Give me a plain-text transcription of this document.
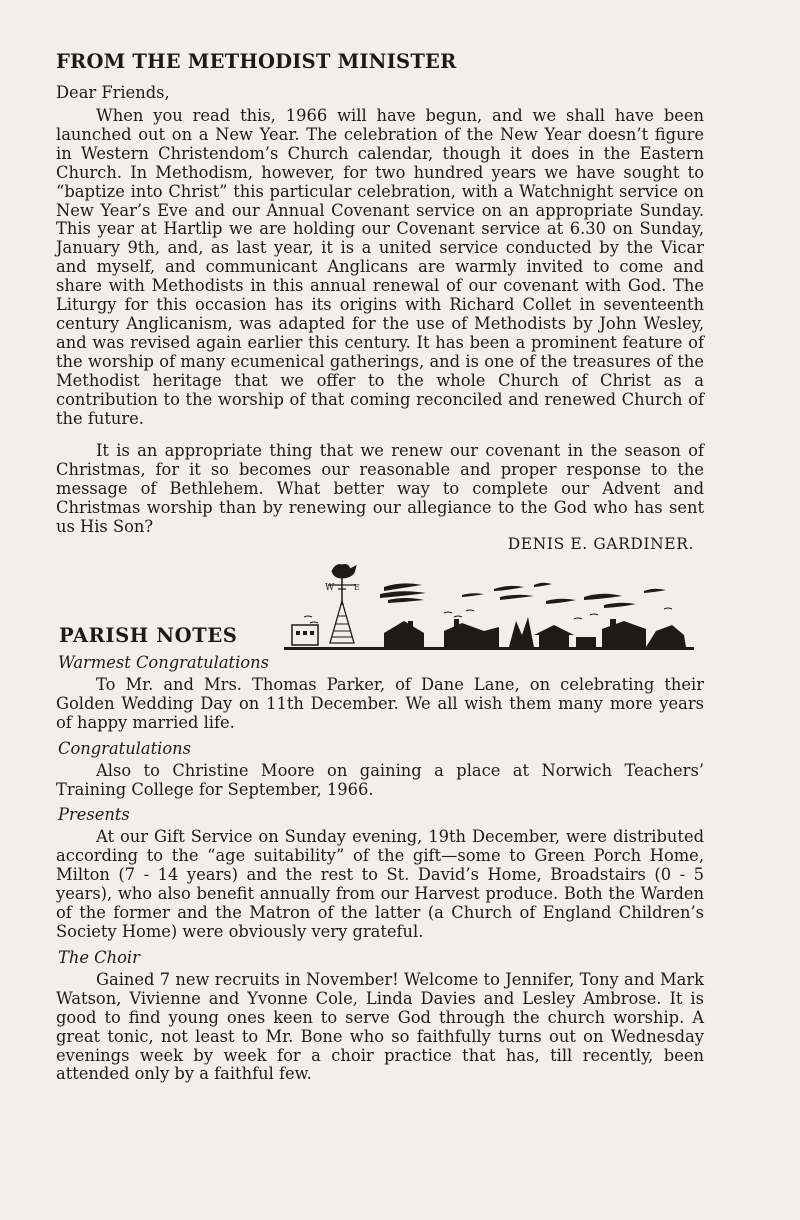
FROM THE METHODIST MINISTER
Dear Friends,

When you read this, 1966 will have begun, and we shall have been launched out on a New Year. The celebration of the New Year doesn’t figure in Western Christendom’s Church calendar, though it does in the Eastern Church. In Methodism, however, for two hundred years we have sought to “baptize into Christ” this particular celebration, with a Watchnight service on New Year’s Eve and our Annual Covenant service on an appropriate Sunday. This year at Hartlip we are holding our Covenant service at 6.30 on Sunday, January 9th, and, as last year, it is a united service conducted by the Vicar and myself, and communicant Anglicans are warmly invited to come and share with Methodists in this annual renewal of our covenant with God. The Liturgy for this occasion has its origins with Richard Collet in seventeenth century Anglicanism, was adapted for the use of Methodists by John Wesley, and was revised again earlier this century. It has been a prominent feature of the worship of many ecumenical gatherings, and is one of the treasures of the Methodist heritage that we offer to the whole Church of Christ as a contribution to the worship of that coming reconciled and renewed Church of the future.

It is an appropriate thing that we renew our covenant in the season of Christmas, for it so becomes our reasonable and proper response to the message of Bethlehem. What better way to complete our Advent and Christmas worship than by renewing our allegiance to the God who has sent us His Son?

DENIS E. GARDINER.
PARISH NOTES
W E
Warmest Congratulations

To Mr. and Mrs. Thomas Parker, of Dane Lane, on celebrating their Golden Wedding Day on 11th December. We all wish them many more years of happy married life.

Congratulations

Also to Christine Moore on gaining a place at Norwich Teachers’ Training College for September, 1966.

Presents

At our Gift Service on Sunday evening, 19th December, were distributed according to the “age suitability” of the gift—some to Green Porch Home, Milton (7 - 14 years) and the rest to St. David’s Home, Broadstairs (0 - 5 years), who also benefit annually from our Harvest produce. Both the Warden of the former and the Matron of the latter (a Church of England Children’s Society Home) were obviously very grateful.

The Choir

Gained 7 new recruits in November! Welcome to Jennifer, Tony and Mark Watson, Vivienne and Yvonne Cole, Linda Davies and Lesley Ambrose. It is good to find young ones keen to serve God through the church worship. A great tonic, not least to Mr. Bone who so faithfully turns out on Wednesday evenings week by week for a choir practice that has, till recently, been attended only by a faithful few.
